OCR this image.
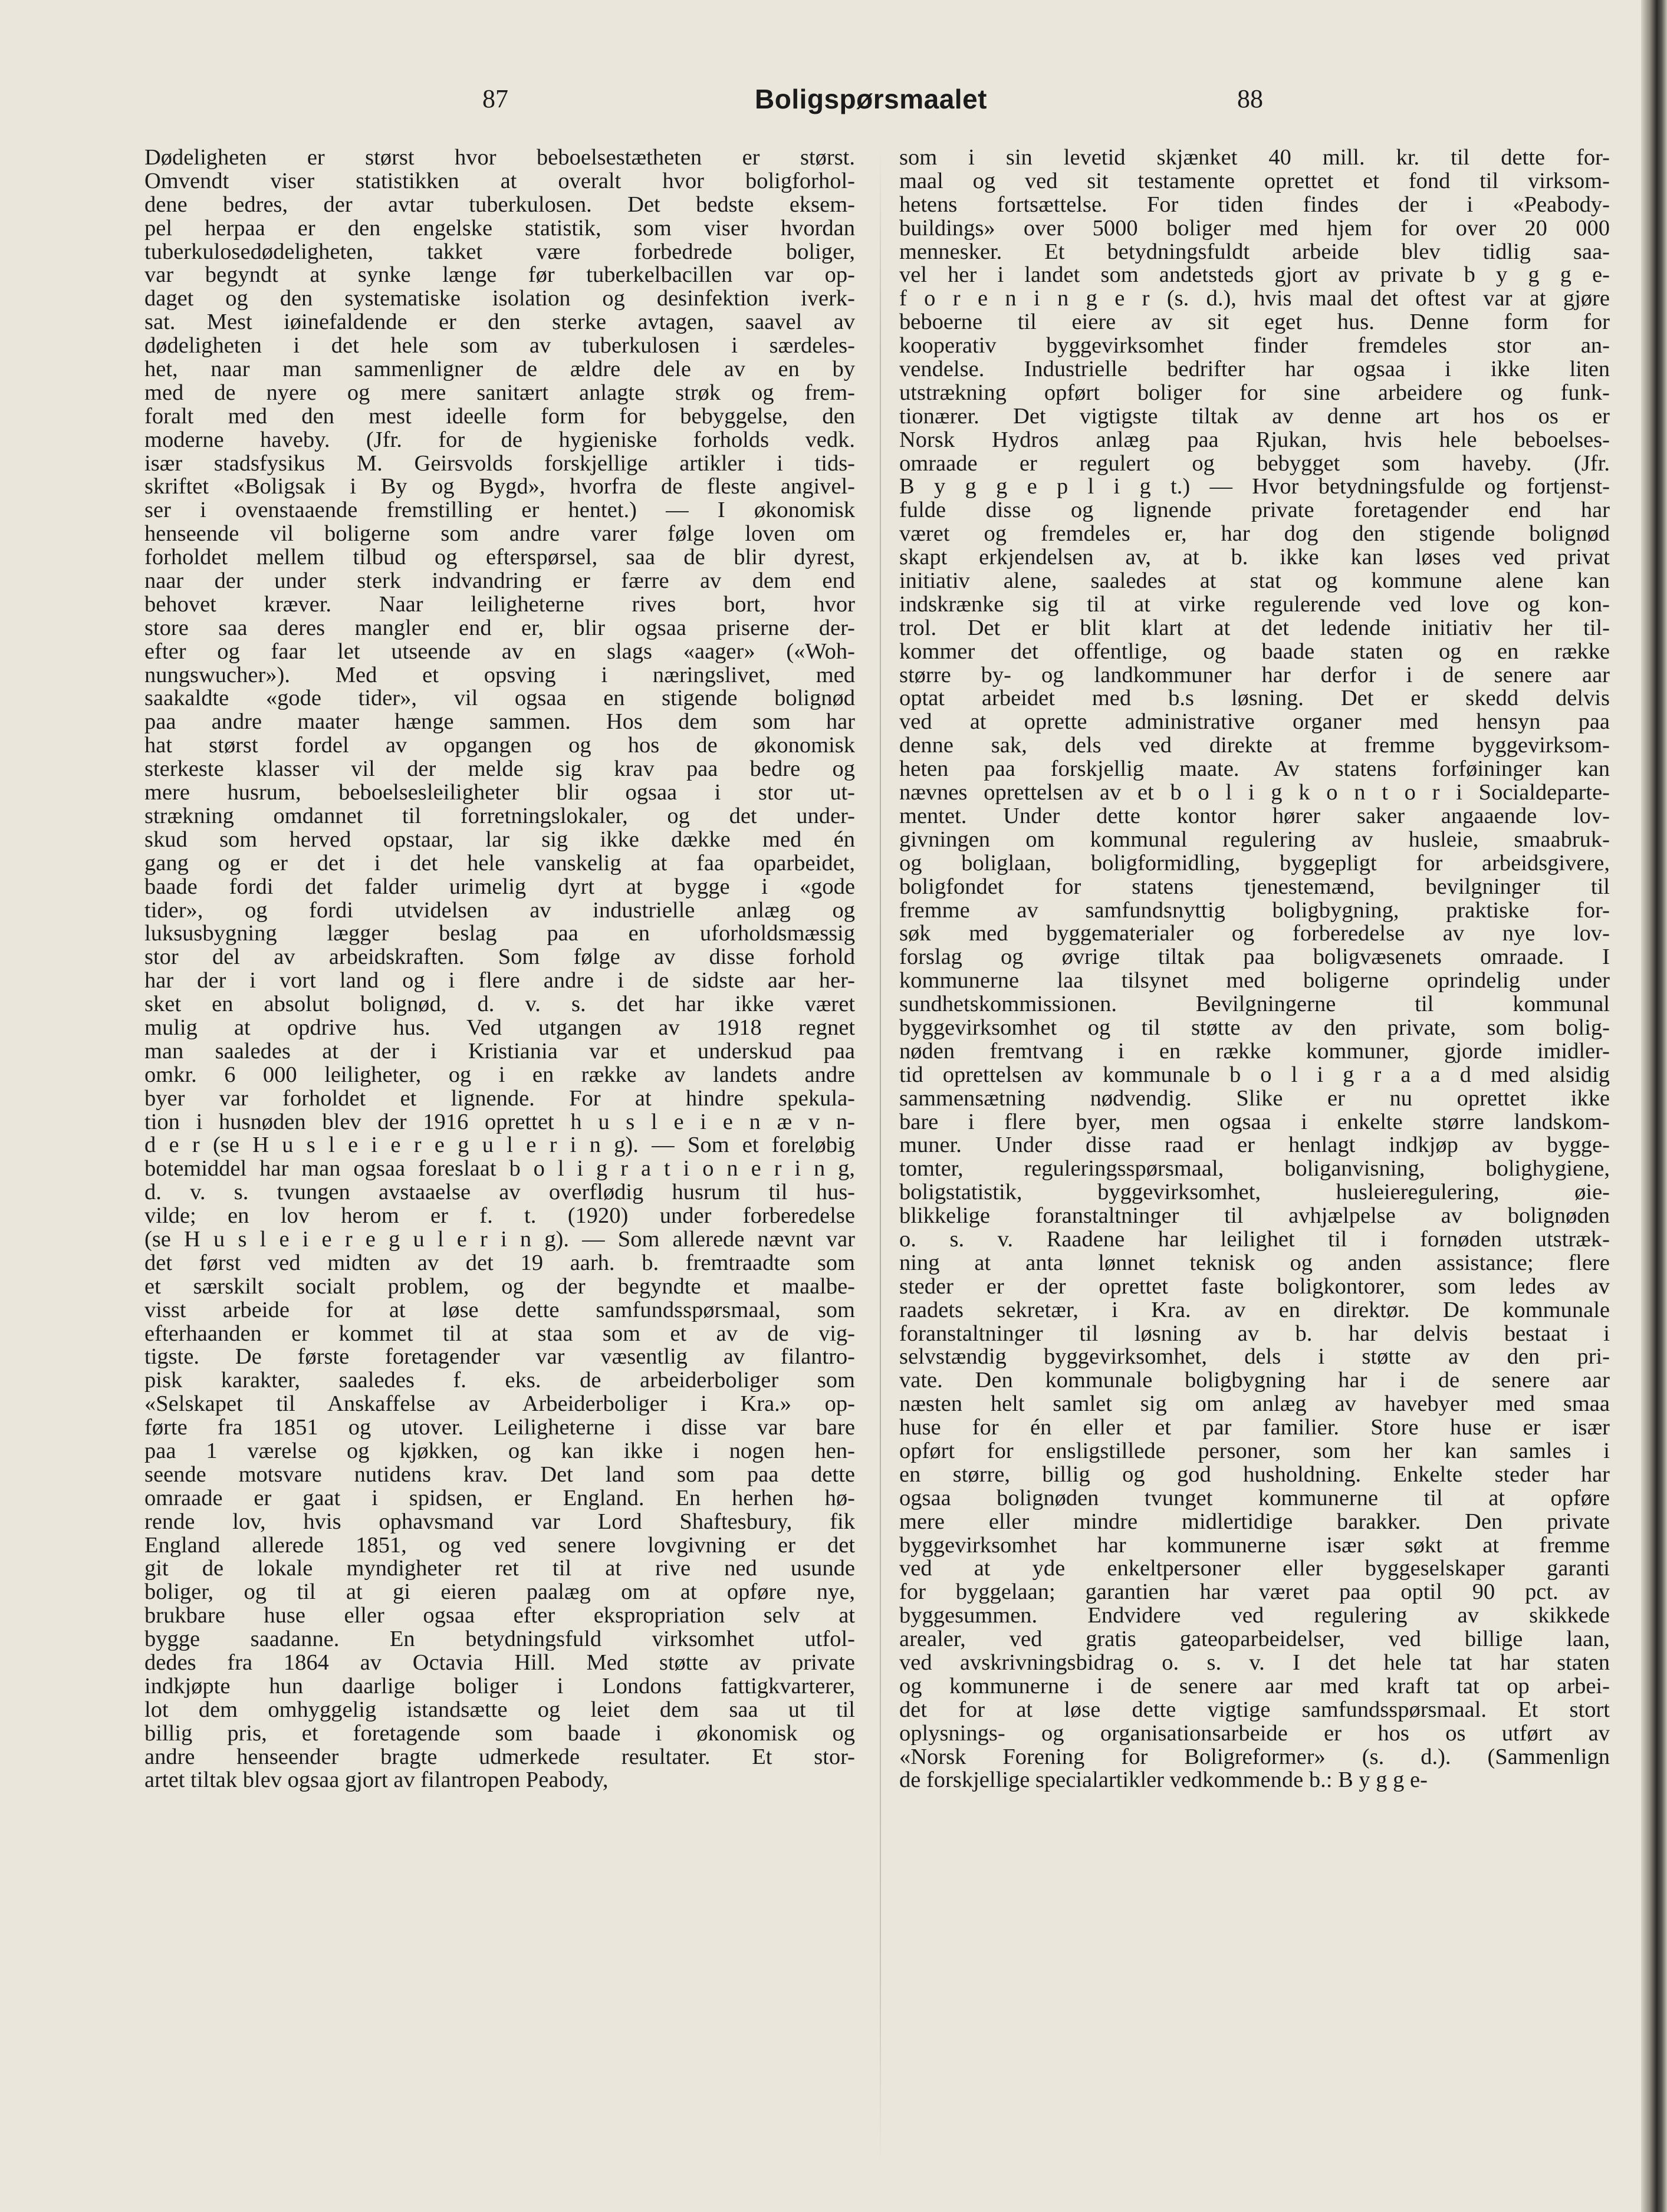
87	Boligspørsmaalet	88
Dødeligheten er størst hvor beboelsestætheten er størst.
Omvendt viser statistikken at overalt hvor boligforhol-
dene bedres, der avtar tuberkulosen. Det bedste eksem-
pel herpaa er den engelske statistik, som viser hvordan
tuberkulosedødeligheten, takket være forbedrede boliger,
var begyndt at synke længe før tuberkelbacillen var op-
daget og den systematiske isolation og desinfektion iverk-
sat. Mest iøinefaldende er den sterke avtagen, saavel av
dødeligheten i det hele som av tuberkulosen i særdeles-
het, naar man sammenligner de ældre dele av en by
med de nyere og mere sanitært anlagte strøk og frem-
foralt med den mest ideelle form for bebyggelse, den
moderne haveby. (Jfr. for de hygieniske forholds vedk.
især stadsfysikus M. Geirsvolds forskjellige artikler i tids-
skriftet «Boligsak i By og Bygd», hvorfra de fleste angivel-
ser i ovenstaaende fremstilling er hentet.) — I økonomisk
henseende vil boligerne som andre varer følge loven om
forholdet mellem tilbud og efterspørsel, saa de blir dyrest,
naar der under sterk indvandring er færre av dem end
behovet kræver. Naar leiligheterne rives bort, hvor
store saa deres mangler end er, blir ogsaa priserne der-
efter og faar let utseende av en slags «aager» («Woh-
nungswucher»). Med et opsving i næringslivet, med
saakaldte «gode tider», vil ogsaa en stigende bolignød
paa andre maater hænge sammen. Hos dem som har
hat størst fordel av opgangen og hos de økonomisk
sterkeste klasser vil der melde sig krav paa bedre og
mere husrum, beboelsesleiligheter blir ogsaa i stor ut-
strækning omdannet til forretningslokaler, og det under-
skud som herved opstaar, lar sig ikke dække med én
gang og er det i det hele vanskelig at faa oparbeidet,
baade fordi det falder urimelig dyrt at bygge i «gode
tider», og fordi utvidelsen av industrielle anlæg og
luksusbygning lægger beslag paa en uforholdsmæssig
stor del av arbeidskraften. Som følge av disse forhold
har der i vort land og i flere andre i de sidste aar her-
sket en absolut bolignød, d. v. s. det har ikke været
mulig at opdrive hus. Ved utgangen av 1918 regnet
man saaledes at der i Kristiania var et underskud paa
omkr. 6 000 leiligheter, og i en række av landets andre
byer var forholdet et lignende. For at hindre spekula-
tion i husnøden blev der 1916 oprettet h u s l e i e n æ v n-
d e r (se H u s l e i e r e g u l e r i n g). — Som et foreløbig
botemiddel har man ogsaa foreslaat b o l i g r a t i o n e r i n g,
d. v. s. tvungen avstaaelse av overflødig husrum til hus-
vilde; en lov herom er f. t. (1920) under forberedelse
(se H u s l e i e r e g u l e r i n g). — Som allerede nævnt var
det først ved midten av det 19 aarh. b. fremtraadte som
et særskilt socialt problem, og der begyndte et maalbe-
visst arbeide for at løse dette samfundsspørsmaal, som
efterhaanden er kommet til at staa som et av de vig-
tigste. De første foretagender var væsentlig av filantro-
pisk karakter, saaledes f. eks. de arbeiderboliger som
«Selskapet til Anskaffelse av Arbeiderboliger i Kra.» op-
førte fra 1851 og utover. Leiligheterne i disse var bare
paa 1 værelse og kjøkken, og kan ikke i nogen hen-
seende motsvare nutidens krav. Det land som paa dette
omraade er gaat i spidsen, er England. En herhen hø-
rende lov, hvis ophavsmand var Lord Shaftesbury, fik
England allerede 1851, og ved senere lovgivning er det
git de lokale myndigheter ret til at rive ned usunde
boliger, og til at gi eieren paalæg om at opføre nye,
brukbare huse eller ogsaa efter ekspropriation selv at
bygge saadanne. En betydningsfuld virksomhet utfol-
dedes fra 1864 av Octavia Hill. Med støtte av private
indkjøpte hun daarlige boliger i Londons fattigkvarterer,
lot dem omhyggelig istandsætte og leiet dem saa ut til
billig pris, et foretagende som baade i økonomisk og
andre henseender bragte udmerkede resultater. Et stor-
artet tiltak blev ogsaa gjort av filantropen Peabody,
som i sin levetid skjænket 40 mill. kr. til dette for-
maal og ved sit testamente oprettet et fond til virksom-
hetens fortsættelse. For tiden findes der i «Peabody-
buildings» over 5000 boliger med hjem for over 20 000
mennesker. Et betydningsfuldt arbeide blev tidlig saa-
vel her i landet som andetsteds gjort av private b y g g e-
f o r e n i n g e r (s. d.), hvis maal det oftest var at gjøre
beboerne til eiere av sit eget hus. Denne form for
kooperativ byggevirksomhet finder fremdeles stor an-
vendelse. Industrielle bedrifter har ogsaa i ikke liten
utstrækning opført boliger for sine arbeidere og funk-
tionærer. Det vigtigste tiltak av denne art hos os er
Norsk Hydros anlæg paa Rjukan, hvis hele beboelses-
omraade er regulert og bebygget som haveby. (Jfr.
B y g g e p l i g t.) — Hvor betydningsfulde og fortjenst-
fulde disse og lignende private foretagender end har
været og fremdeles er, har dog den stigende bolignød
skapt erkjendelsen av, at b. ikke kan løses ved privat
initiativ alene, saaledes at stat og kommune alene kan
indskrænke sig til at virke regulerende ved love og kon-
trol. Det er blit klart at det ledende initiativ her til-
kommer det offentlige, og baade staten og en række
større by- og landkommuner har derfor i de senere aar
optat arbeidet med b.s løsning. Det er skedd delvis
ved at oprette administrative organer med hensyn paa
denne sak, dels ved direkte at fremme byggevirksom-
heten paa forskjellig maate. Av statens forføininger kan
nævnes oprettelsen av et b o l i g k o n t o r i Socialdeparte-
mentet. Under dette kontor hører saker angaaende lov-
givningen om kommunal regulering av husleie, smaabruk-
og boliglaan, boligformidling, byggepligt for arbeidsgivere,
boligfondet for statens tjenestemænd, bevilgninger til
fremme av samfundsnyttig boligbygning, praktiske for-
søk med byggematerialer og forberedelse av nye lov-
forslag og øvrige tiltak paa boligvæsenets omraade. I
kommunerne laa tilsynet med boligerne oprindelig under
sundhetskommissionen. Bevilgningerne til kommunal
byggevirksomhet og til støtte av den private, som bolig-
nøden fremtvang i en række kommuner, gjorde imidler-
tid oprettelsen av kommunale b o l i g r a a d med alsidig
sammensætning nødvendig. Slike er nu oprettet ikke
bare i flere byer, men ogsaa i enkelte større landskom-
muner. Under disse raad er henlagt indkjøp av bygge-
tomter, reguleringsspørsmaal, boliganvisning, bolighygiene,
boligstatistik, byggevirksomhet, husleieregulering, øie-
blikkelige foranstaltninger til avhjælpelse av bolignøden
o. s. v. Raadene har leilighet til i fornøden utstræk-
ning at anta lønnet teknisk og anden assistance; flere
steder er der oprettet faste boligkontorer, som ledes av
raadets sekretær, i Kra. av en direktør. De kommunale
foranstaltninger til løsning av b. har delvis bestaat i
selvstændig byggevirksomhet, dels i støtte av den pri-
vate. Den kommunale boligbygning har i de senere aar
næsten helt samlet sig om anlæg av havebyer med smaa
huse for én eller et par familier. Store huse er især
opført for ensligstillede personer, som her kan samles i
en større, billig og god husholdning. Enkelte steder har
ogsaa bolignøden tvunget kommunerne til at opføre
mere eller mindre midlertidige barakker. Den private
byggevirksomhet har kommunerne især søkt at fremme
ved at yde enkeltpersoner eller byggeselskaper garanti
for byggelaan; garantien har været paa optil 90 pct. av
byggesummen. Endvidere ved regulering av skikkede
arealer, ved gratis gateoparbeidelser, ved billige laan,
ved avskrivningsbidrag o. s. v. I det hele tat har staten
og kommunerne i de senere aar med kraft tat op arbei-
det for at løse dette vigtige samfundsspørsmaal. Et stort
oplysnings- og organisationsarbeide er hos os utført av
«Norsk Forening for Boligreformer» (s. d.). (Sammenlign
de forskjellige specialartikler vedkommende b.: B y g g e-
